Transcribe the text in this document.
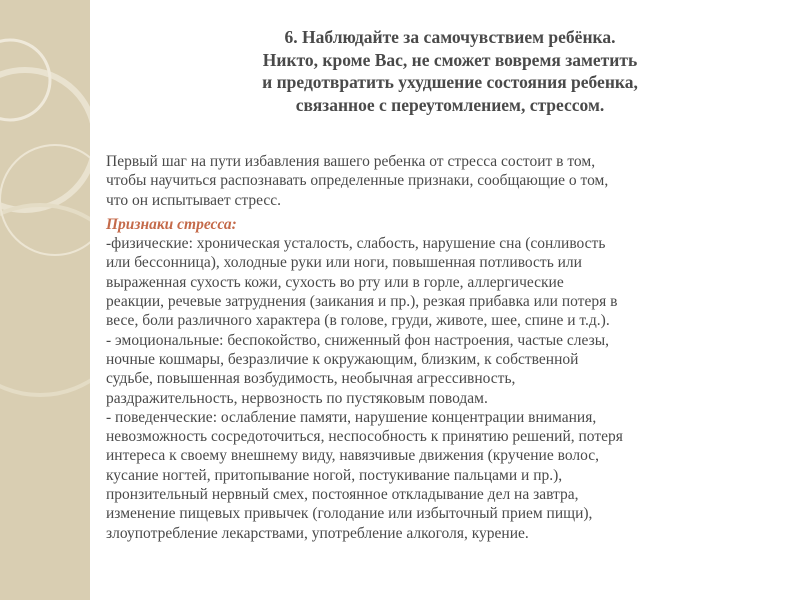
6. Наблюдайте за самочувствием ребёнка.
Никто, кроме Вас, не сможет вовремя заметить
и предотвратить ухудшение состояния ребенка,
связанное с переутомлением, стрессом.
Первый шаг на пути избавления вашего ребенка от стресса состоит в том,
чтобы научиться распознавать определенные признаки, сообщающие о том,
что он испытывает стресс.
Признаки стресса:
-физические: хроническая усталость, слабость, нарушение сна (сонливость
или бессонница), холодные руки или ноги, повышенная потливость или
выраженная сухость кожи, сухость во рту или в горле, аллергические
реакции, речевые затруднения (заикания и пр.), резкая прибавка или потеря в
весе, боли различного характера (в голове, груди, животе, шее, спине и т.д.).
- эмоциональные: беспокойство, сниженный фон настроения, частые слезы,
ночные кошмары, безразличие к окружающим, близким, к собственной
судьбе, повышенная возбудимость, необычная агрессивность,
раздражительность, нервозность по пустяковым поводам.
- поведенческие: ослабление памяти, нарушение концентрации внимания,
невозможность сосредоточиться, неспособность к принятию решений, потеря
интереса к своему внешнему виду, навязчивые движения (кручение волос,
кусание ногтей, притопывание ногой, постукивание пальцами и пр.),
пронзительный нервный смех, постоянное откладывание дел на завтра,
изменение пищевых привычек (голодание или избыточный прием пищи),
злоупотребление лекарствами, употребление алкоголя, курение.
